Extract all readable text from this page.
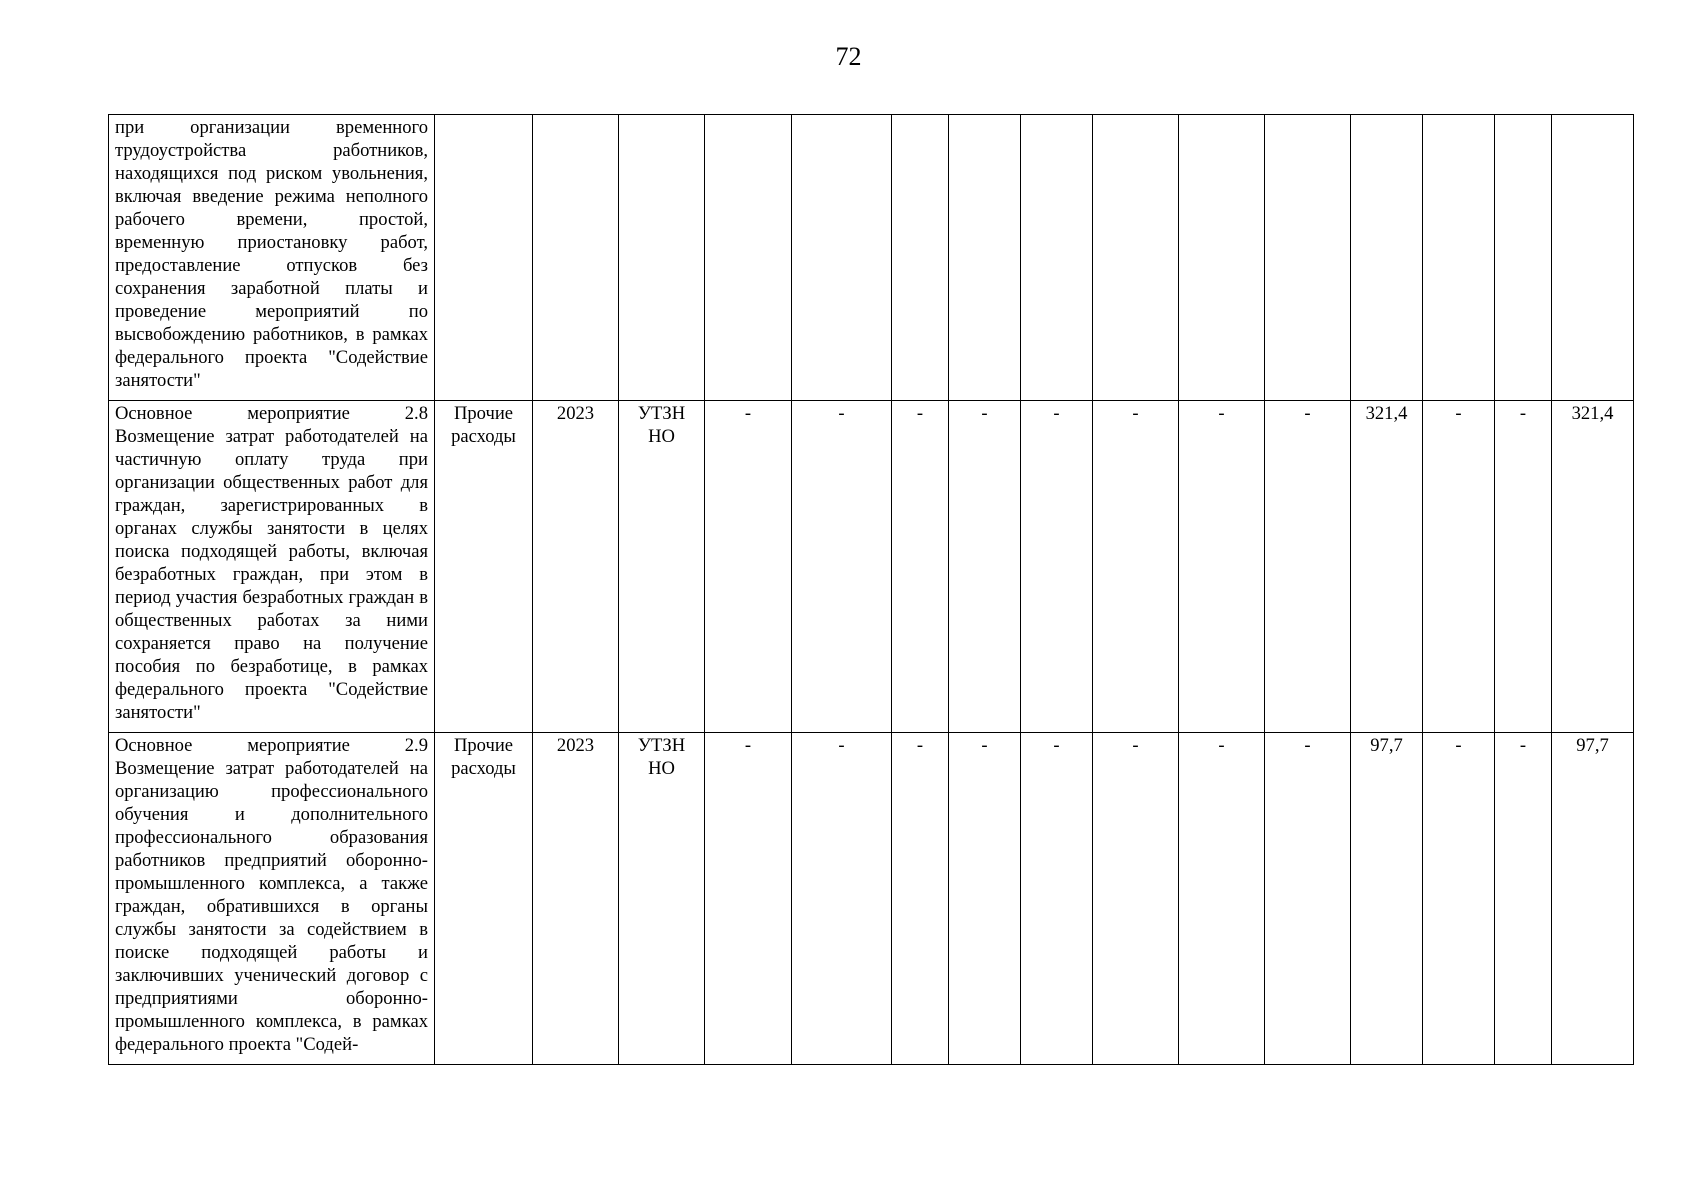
72
при организации временного трудоустройства работников, находящихся под риском увольнения, включая введение режима неполного рабочего времени, простой, временную приостановку работ, предоставление отпусков без сохранения заработной платы и проведение мероприятий по высвобождению работников, в рамках федерального проекта "Содействие занятости"															
Основное мероприятие 2.8 Возмещение затрат работодателей на частичную оплату труда при организации общественных работ для граждан, зарегистрированных в органах службы занятости в целях поиска подходящей работы, включая безработных граждан, при этом в период участия безработных граждан в общественных работах за ними сохраняется право на получение пособия по безработице, в рамках федерального проекта "Содействие занятости"	Прочие расходы	2023	УТЗН НО	-	-	-	-	-	-	-	-	321,4	-	-	321,4
Основное мероприятие 2.9 Возмещение затрат работодателей на организацию профессионального обучения и дополнительного профессионального образования работников предприятий оборонно-промышленного комплекса, а также граждан, обратившихся в органы службы занятости за содействием в поиске подходящей работы и заключивших ученический договор с предприятиями оборонно-промышленного комплекса, в рамках федерального проекта "Содей-	Прочие расходы	2023	УТЗН НО	-	-	-	-	-	-	-	-	97,7	-	-	97,7
